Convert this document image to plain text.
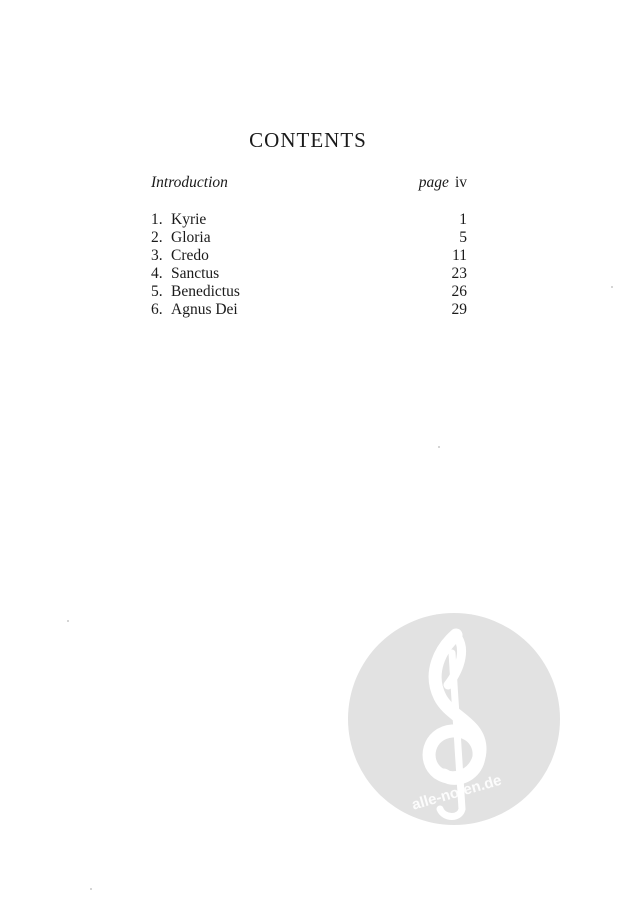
CONTENTS
Introduction	page iv
1. Kyrie	1
2. Gloria	5
3. Credo	11
4. Sanctus	23
5. Benedictus	26
6. Agnus Dei	29
alle-noten.de
